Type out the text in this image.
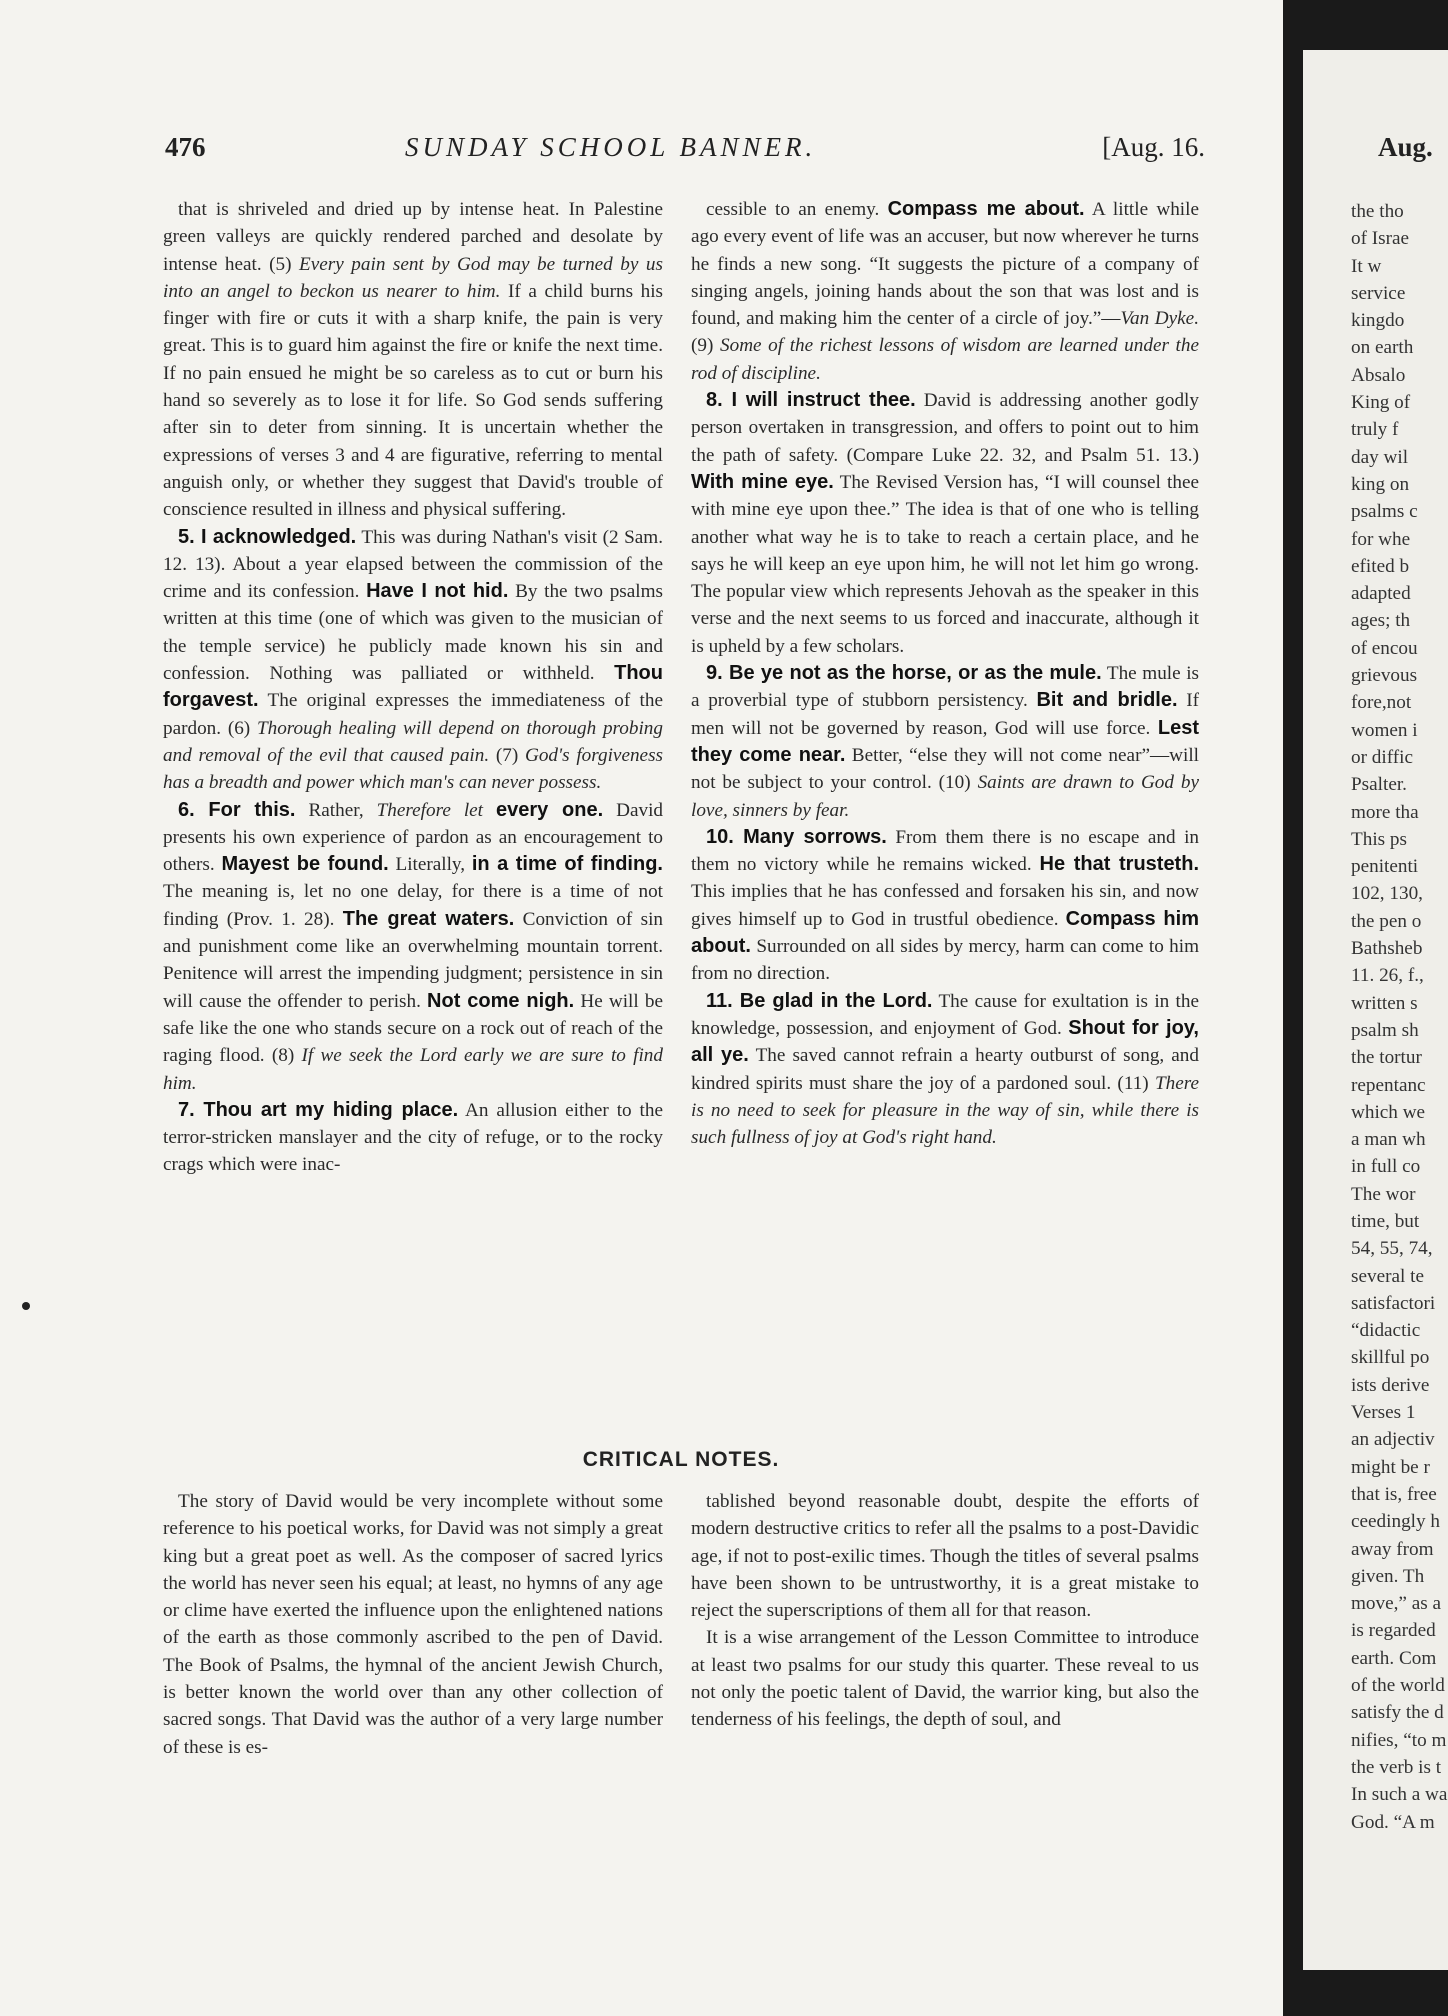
476	SUNDAY SCHOOL BANNER.	[Aug. 16.

that is shriveled and dried up by intense heat. In Palestine green valleys are quickly rendered parched and desolate by intense heat. (5) Every pain sent by God may be turned by us into an angel to beckon us nearer to him. If a child burns his finger with fire or cuts it with a sharp knife, the pain is very great. This is to guard him against the fire or knife the next time. If no pain ensued he might be so careless as to cut or burn his hand so severely as to lose it for life. So God sends suffering after sin to deter from sinning. It is uncertain whether the expressions of verses 3 and 4 are figurative, referring to mental anguish only, or whether they suggest that David's trouble of conscience resulted in illness and physical suffering.

5. I acknowledged. This was during Nathan's visit (2 Sam. 12. 13). About a year elapsed between the commission of the crime and its confession. Have I not hid. By the two psalms written at this time (one of which was given to the musician of the temple service) he publicly made known his sin and confession. Nothing was palliated or withheld. Thou forgavest. The original expresses the immediateness of the pardon. (6) Thorough healing will depend on thorough probing and removal of the evil that caused pain. (7) God's forgiveness has a breadth and power which man's can never possess.

6. For this. Rather, Therefore let every one. David presents his own experience of pardon as an encouragement to others. Mayest be found. Literally, in a time of finding. The meaning is, let no one delay, for there is a time of not finding (Prov. 1. 28). The great waters. Conviction of sin and punishment come like an overwhelming mountain torrent. Penitence will arrest the impending judgment; persistence in sin will cause the offender to perish. Not come nigh. He will be safe like the one who stands secure on a rock out of reach of the raging flood. (8) If we seek the Lord early we are sure to find him.

7. Thou art my hiding place. An allusion either to the terror-stricken manslayer and the city of refuge, or to the rocky crags which were inac-

cessible to an enemy. Compass me about. A little while ago every event of life was an accuser, but now wherever he turns he finds a new song. “It suggests the picture of a company of singing angels, joining hands about the son that was lost and is found, and making him the center of a circle of joy.”—Van Dyke. (9) Some of the richest lessons of wisdom are learned under the rod of discipline.

8. I will instruct thee. David is addressing another godly person overtaken in transgression, and offers to point out to him the path of safety. (Compare Luke 22. 32, and Psalm 51. 13.) With mine eye. The Revised Version has, “I will counsel thee with mine eye upon thee.” The idea is that of one who is telling another what way he is to take to reach a certain place, and he says he will keep an eye upon him, he will not let him go wrong. The popular view which represents Jehovah as the speaker in this verse and the next seems to us forced and inaccurate, although it is upheld by a few scholars.

9. Be ye not as the horse, or as the mule. The mule is a proverbial type of stubborn persistency. Bit and bridle. If men will not be governed by reason, God will use force. Lest they come near. Better, “else they will not come near”—will not be subject to your control. (10) Saints are drawn to God by love, sinners by fear.

10. Many sorrows. From them there is no escape and in them no victory while he remains wicked. He that trusteth. This implies that he has confessed and forsaken his sin, and now gives himself up to God in trustful obedience. Compass him about. Surrounded on all sides by mercy, harm can come to him from no direction.

11. Be glad in the Lord. The cause for exultation is in the knowledge, possession, and enjoyment of God. Shout for joy, all ye. The saved cannot refrain a hearty outburst of song, and kindred spirits must share the joy of a pardoned soul. (11) There is no need to seek for pleasure in the way of sin, while there is such fullness of joy at God's right hand.

CRITICAL NOTES.

The story of David would be very incomplete without some reference to his poetical works, for David was not simply a great king but a great poet as well. As the composer of sacred lyrics the world has never seen his equal; at least, no hymns of any age or clime have exerted the influence upon the enlightened nations of the earth as those commonly ascribed to the pen of David. The Book of Psalms, the hymnal of the ancient Jewish Church, is better known the world over than any other collection of sacred songs. That David was the author of a very large number of these is es-

tablished beyond reasonable doubt, despite the efforts of modern destructive critics to refer all the psalms to a post-Davidic age, if not to post-exilic times. Though the titles of several psalms have been shown to be untrustworthy, it is a great mistake to reject the superscriptions of them all for that reason.

It is a wise arrangement of the Lesson Committee to introduce at least two psalms for our study this quarter. These reveal to us not only the poetic talent of David, the warrior king, but also the tenderness of his feelings, the depth of soul, and

Aug.
the tho
of Israe
It w
service
kingdo
on earth
Absalo
King of
truly f
day wil
king on
psalms c
for whe
efited b
adapted
ages; th
of encou
grievous
fore,not
women i
or diffic
Psalter.
more tha
This ps
penitenti
102, 130,
the pen o
Bathsheb
11. 26, f.,
written s
psalm sh
the tortur
repentanc
which we
a man wh
in full co
The wor
time, but
54, 55, 74,
several te
satisfactori
“didactic
skillful po
ists derive
Verses 1
an adjectiv
might be r
that is, free
ceedingly h
away from
given. Th
move,” as a
is regarded
earth. Com
of the world
satisfy the d
nifies, “to m
the verb is t
In such a wa
God. “A m
